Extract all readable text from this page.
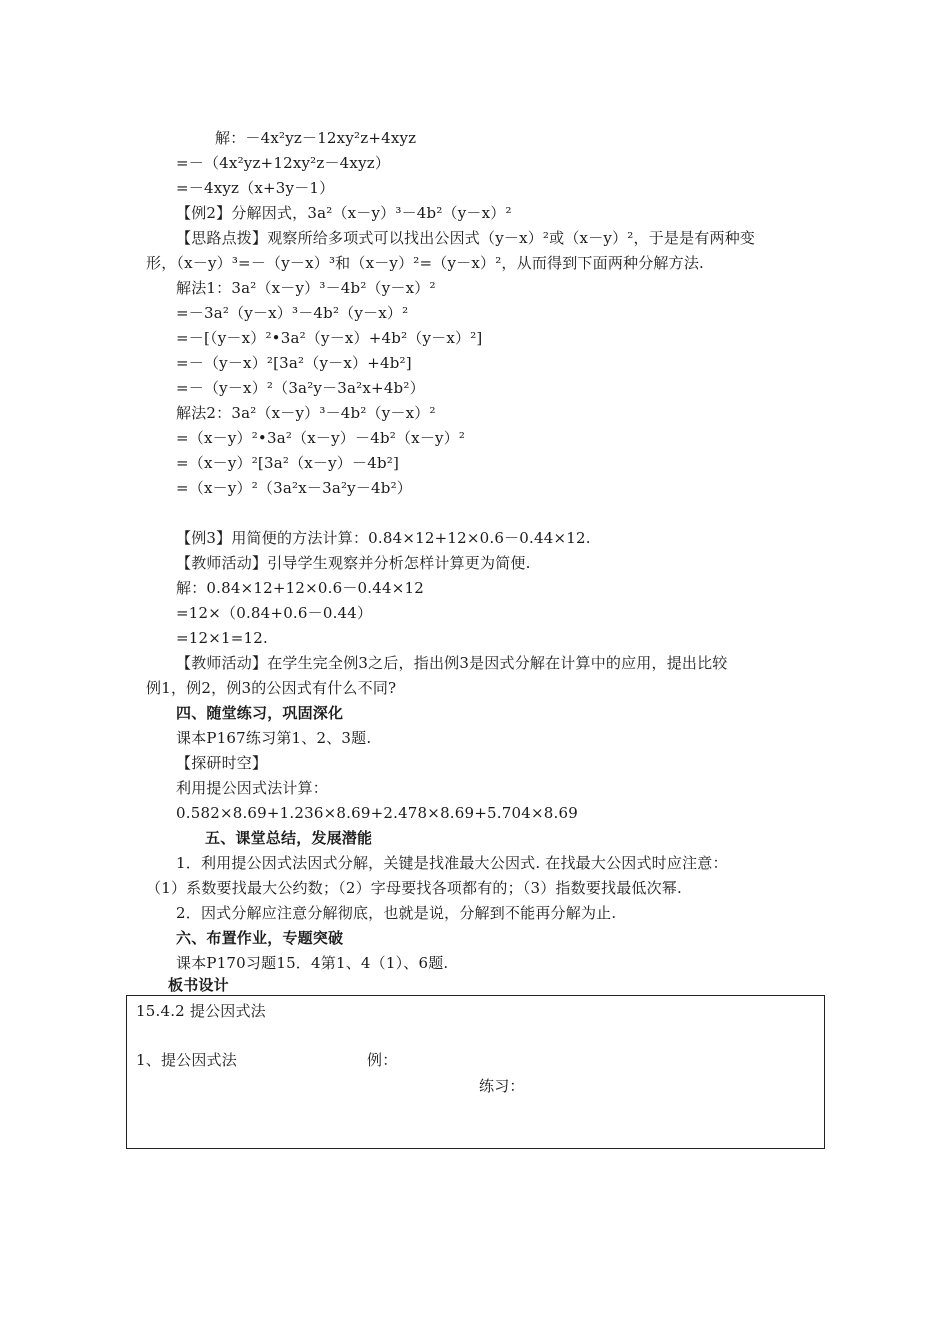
解：－4x²yz－12xy²z+4xyz
=－（4x²yz+12xy²z－4xyz）
=－4xyz（x+3y－1）
【例2】分解因式，3a²（x－y）³－4b²（y－x）²
【思路点拨】观察所给多项式可以找出公因式（y－x）²或（x－y）²，于是是有两种变
形，（x－y）³=－（y－x）³和（x－y）²=（y－x）²，从而得到下面两种分解方法.
解法1：3a²（x－y）³－4b²（y－x）²
=－3a²（y－x）³－4b²（y－x）²
=－[（y－x）²•3a²（y－x）+4b²（y－x）²]
=－（y－x）²[3a²（y－x）+4b²]
=－（y－x）²（3a²y－3a²x+4b²）
解法2：3a²（x－y）³－4b²（y－x）²
=（x－y）²•3a²（x－y）－4b²（x－y）²
=（x－y）²[3a²（x－y）－4b²]
=（x－y）²（3a²x－3a²y－4b²）
【例3】用简便的方法计算：0.84×12+12×0.6－0.44×12.
【教师活动】引导学生观察并分析怎样计算更为简便.
解：0.84×12+12×0.6－0.44×12
=12×（0.84+0.6－0.44）
=12×1=12.
【教师活动】在学生完全例3之后，指出例3是因式分解在计算中的应用，提出比较
例1，例2，例3的公因式有什么不同?
四、随堂练习，巩固深化
课本P167练习第1、2、3题.
【探研时空】
利用提公因式法计算：
0.582×8.69+1.236×8.69+2.478×8.69+5.704×8.69
五、课堂总结，发展潜能
1．利用提公因式法因式分解，关键是找准最大公因式. 在找最大公因式时应注意：
（1）系数要找最大公约数；（2）字母要找各项都有的；（3）指数要找最低次幂.
2．因式分解应注意分解彻底，也就是说，分解到不能再分解为止.
六、布置作业，专题突破
课本P170习题15．4第1、4（1）、6题.
板书设计
15.4.2 提公因式法
1、提公因式法	例：
练习：
